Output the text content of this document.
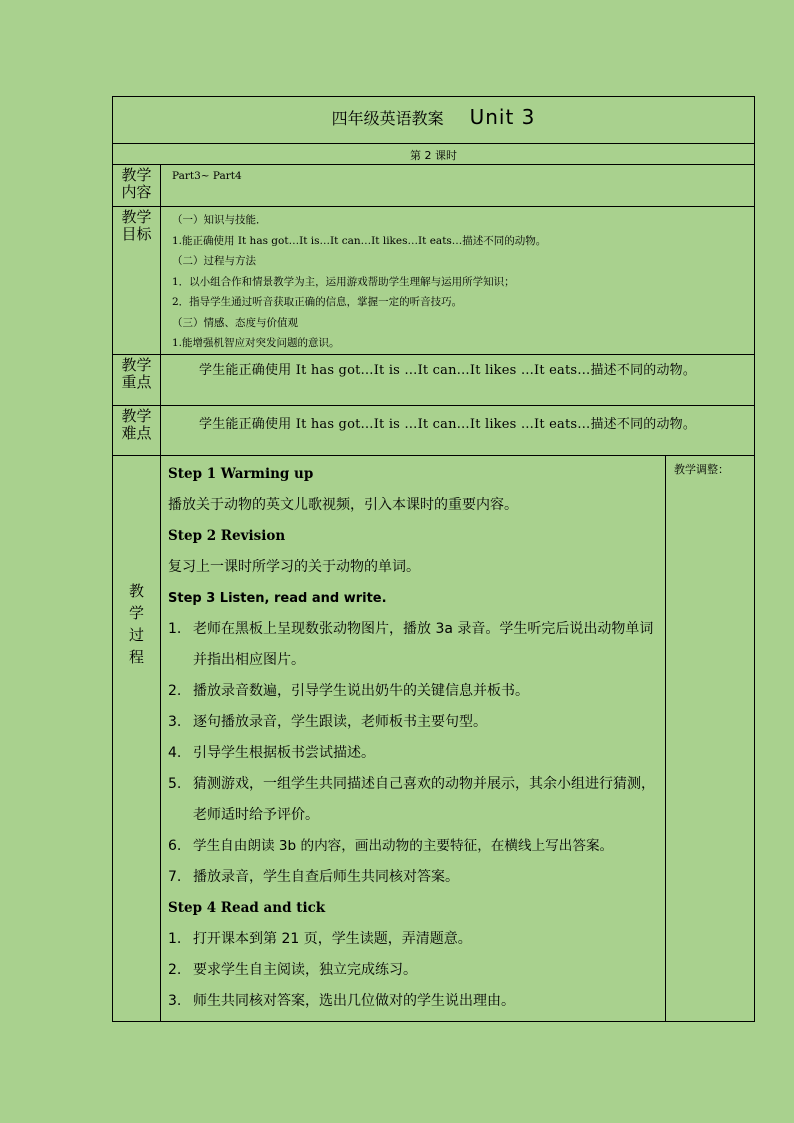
四年级英语教案 Unit 3
第 2 课时
教学
内容
Part3~ Part4
教学
目标
（一）知识与技能．
1.能正确使用 It has got…It is…It can…It likes…It eats…描述不同的动物。
（二）过程与方法
1．以小组合作和情景教学为主，运用游戏帮助学生理解与运用所学知识；
2．指导学生通过听音获取正确的信息，掌握一定的听音技巧。
（三）情感、态度与价值观
1.能增强机智应对突发问题的意识。
教学
重点
学生能正确使用 It has got…It is …It can…It likes …It eats…描述不同的动物。
教学
难点	学生能正确使用 It has got…It is …It can…It likes …It eats…描述不同的动物。
教
学
过
程
Step 1 Warming up
播放关于动物的英文儿歌视频，引入本课时的重要内容。
Step 2 Revision
复习上一课时所学习的关于动物的单词。
Step 3 Listen, read and write.
1. 老师在黑板上呈现数张动物图片，播放 3a 录音。学生听完后说出动物单词并指出相应图片。
2. 播放录音数遍，引导学生说出奶牛的关键信息并板书。
3. 逐句播放录音，学生跟读，老师板书主要句型。
4. 引导学生根据板书尝试描述。
5. 猜测游戏，一组学生共同描述自己喜欢的动物并展示，其余小组进行猜测，老师适时给予评价。
6. 学生自由朗读 3b 的内容，画出动物的主要特征，在横线上写出答案。
7. 播放录音，学生自查后师生共同核对答案。
Step 4 Read and tick
1. 打开课本到第 21 页，学生读题，弄清题意。
2. 要求学生自主阅读，独立完成练习。
3. 师生共同核对答案，选出几位做对的学生说出理由。
教学调整：
